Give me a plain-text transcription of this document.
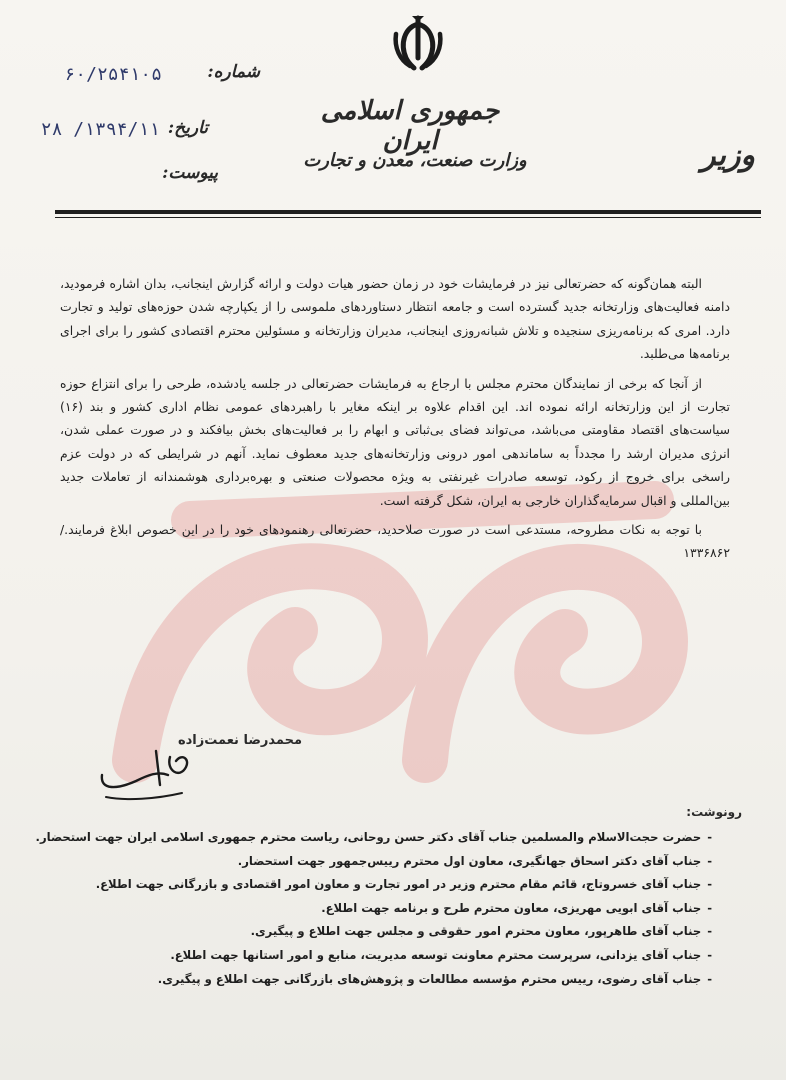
جمهوری اسلامی ایران
وزارت صنعت، معدن و تجارت	وزیر
شماره:
۶۰/۲۵۴۱۰۵
تاریخ:
۱۳۹۴/۱۱/ ۲۸
پیوست:

البته همان‌گونه که حضرتعالی نیز در فرمایشات خود در زمان حضور هیات دولت و ارائه گزارش اینجانب، بدان اشاره فرمودید، دامنه فعالیت‌های وزارتخانه جدید گسترده است و جامعه انتظار دستاوردهای ملموسی را از یکپارچه شدن حوزه‌های تولید و تجارت دارد. امری که برنامه‌ریزی سنجیده و تلاش شبانه‌روزی اینجانب، مدیران وزارتخانه و مسئولین محترم اقتصادی کشور را برای اجرای برنامه‌ها می‌طلبد.

از آنجا که برخی از نمایندگان محترم مجلس با ارجاع به فرمایشات حضرتعالی در جلسه یادشده، طرحی را برای انتزاع حوزه تجارت از این وزارتخانه ارائه نموده اند. این اقدام علاوه بر اینکه مغایر با راهبردهای عمومی نظام اداری کشور و بند (۱۶) سیاست‌های اقتصاد مقاومتی می‌باشد، می‌تواند فضای بی‌ثباتی و ابهام را بر فعالیت‌های بخش بیافکند و در صورت عملی شدن، انرژی مدیران ارشد را مجدداً به ساماندهی امور درونی وزارتخانه‌های جدید معطوف نماید. آنهم در شرایطی که در دولت عزم راسخی برای خروج از رکود، توسعه صادرات غیرنفتی به ویژه محصولات صنعتی و بهره‌برداری هوشمندانه از تعاملات جدید بین‌المللی و اقبال سرمایه‌گذاران خارجی به ایران، شکل گرفته است.

با توجه به نکات مطروحه، مستدعی است در صورت صلاحدید، حضرتعالی رهنمودهای خود را در این خصوص ابلاغ فرمایند./ ۱۳۳۶۸۶۲

محمدرضا نعمت‌زاده
رونوشت:
-حضرت حجت‌الاسلام والمسلمین جناب آقای دکتر حسن روحانی، ریاست محترم جمهوری اسلامی ایران جهت استحضار.
-جناب آقای دکتر اسحاق جهانگیری، معاون اول محترم رییس‌جمهور جهت استحضار.
-جناب آقای خسروتاج، قائم مقام محترم وزیر در امور تجارت و معاون امور اقتصادی و بازرگانی جهت اطلاع.
-جناب آقای ابویی مهریزی، معاون محترم طرح و برنامه جهت اطلاع.
-جناب آقای طاهرپور، معاون محترم امور حقوقی و مجلس جهت اطلاع و پیگیری.
-جناب آقای یزدانی، سرپرست محترم معاونت توسعه مدیریت، منابع و امور استانها جهت اطلاع.
-جناب آقای رضوی، رییس محترم مؤسسه مطالعات و پژوهش‌های بازرگانی جهت اطلاع و پیگیری.
